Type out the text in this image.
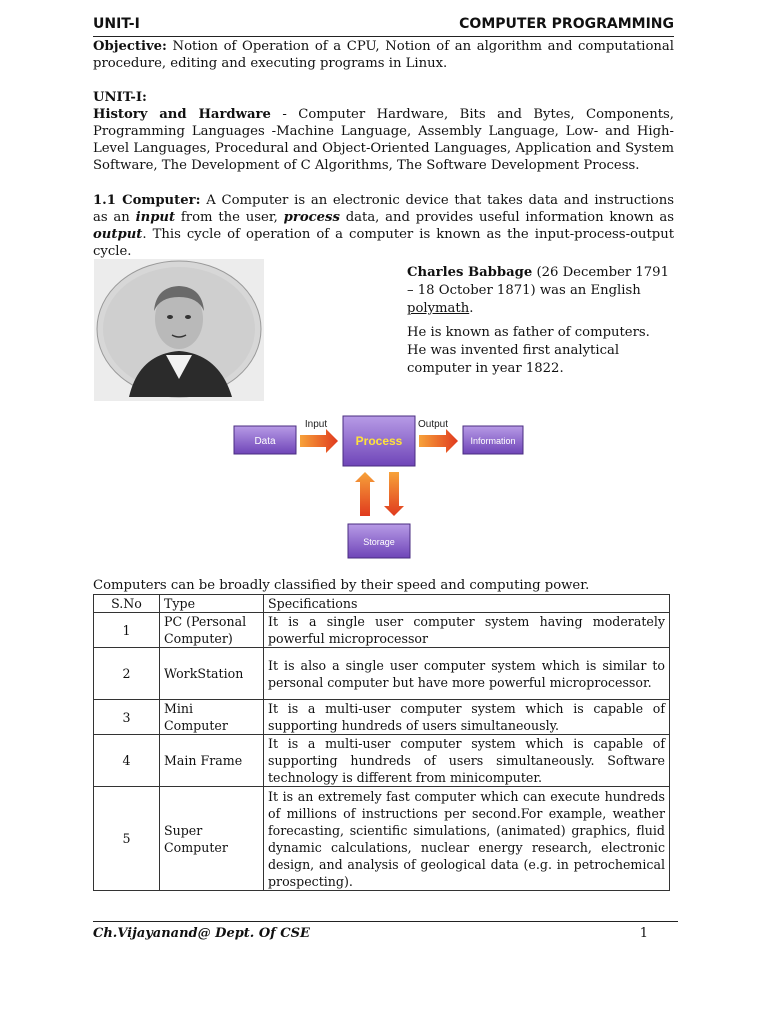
UNIT-I	COMPUTER PROGRAMMING
Objective: Notion of Operation of a CPU, Notion of an algorithm and computational procedure, editing and executing programs in Linux.
UNIT-I:
History and Hardware - Computer Hardware, Bits and Bytes, Components, Programming Languages -Machine Language, Assembly Language, Low- and High-Level Languages, Procedural and Object-Oriented Languages, Application and System Software, The Development of C Algorithms, The Software Development Process.
1.1 Computer: A Computer is an electronic device that takes data and instructions as an input from the user, process data, and provides useful information known as output. This cycle of operation of a computer is known as the input-process-output cycle.
Charles Babbage (26 December 1791 – 18 October 1871) was an English polymath.
He is known as father of computers. He was invented first analytical computer in year 1822.
Data
Input
Process
Output
Information
Storage
Computers can be broadly classified by their speed and computing power.
S.No	Type	Specifications
1	PC (Personal Computer)	It is a single user computer system having moderately powerful microprocessor
2	WorkStation	It is also a single user computer system which is similar to personal computer but have more powerful microprocessor.
3	Mini Computer	It is a multi-user computer system which is capable of supporting hundreds of users simultaneously.
4	Main Frame	It is a multi-user computer system which is capable of supporting hundreds of users simultaneously. Software technology is different from minicomputer.
5	Super Computer	It is an extremely fast computer which can execute hundreds of millions of instructions per second.For example, weather forecasting, scientific simulations, (animated) graphics, fluid dynamic calculations, nuclear energy research, electronic design, and analysis of geological data (e.g. in petrochemical prospecting).
Ch.Vijayanand@ Dept. Of CSE	1
